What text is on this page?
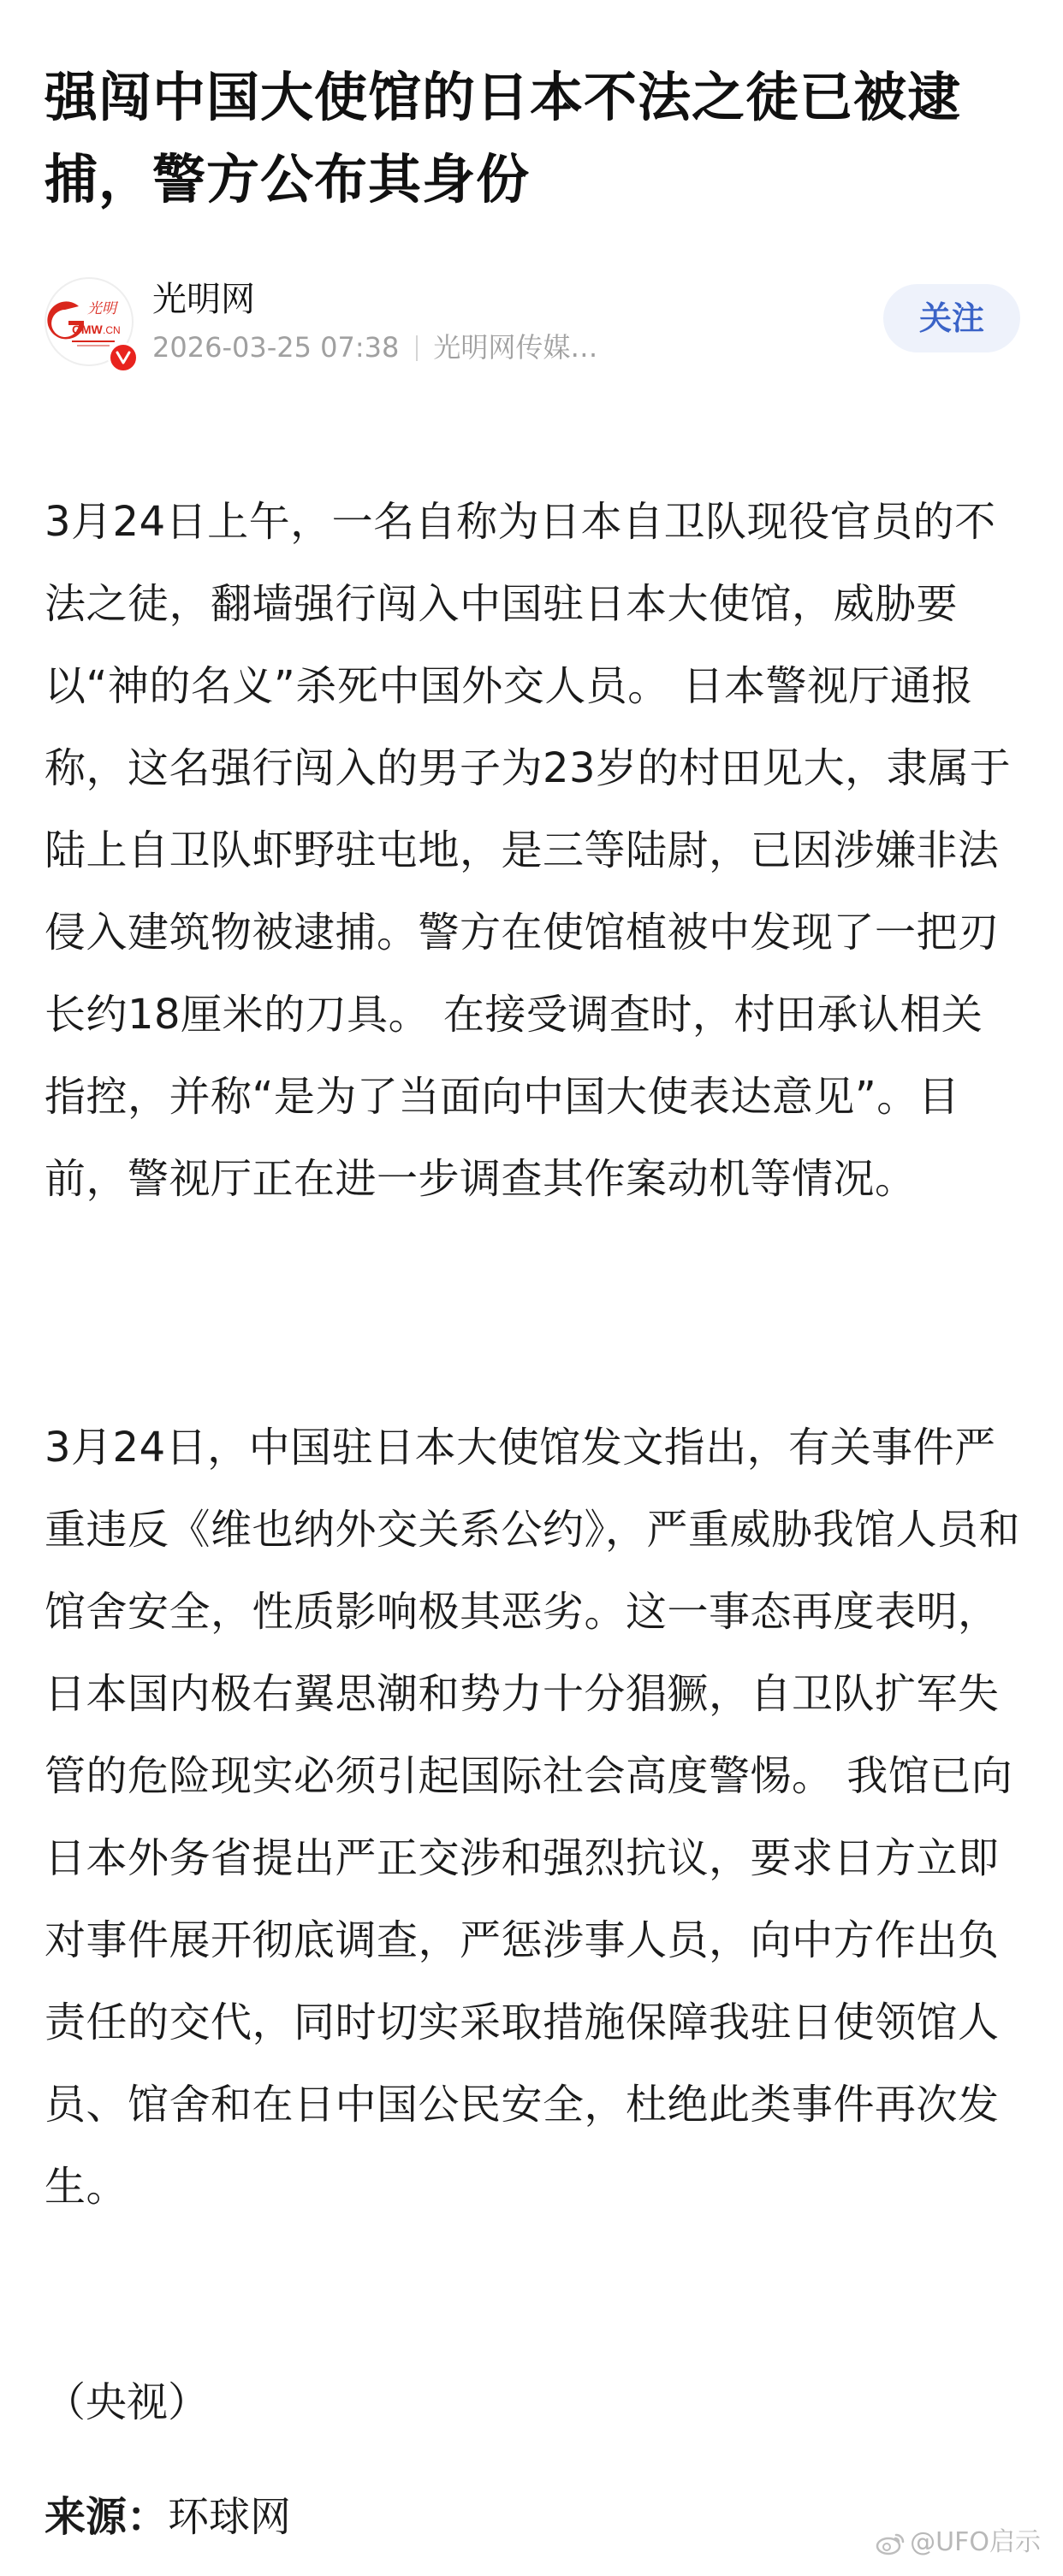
强闯中国大使馆的日本不法之徒已被逮捕，警方公布其身份
光明
GMW .CN
光明网
2026-03-25 07:38 光明网传媒…
关注

3月24日上午，一名自称为日本自卫队现役官员的不法之徒，翻墙强行闯入中国驻日本大使馆，威胁要以“神的名义”杀死中国外交人员。 日本警视厅通报称，这名强行闯入的男子为23岁的村田见大，隶属于陆上自卫队虾野驻屯地，是三等陆尉，已因涉嫌非法侵入建筑物被逮捕。警方在使馆植被中发现了一把刃长约18厘米的刀具。 在接受调查时，村田承认相关指控，并称“是为了当面向中国大使表达意见”。目前，警视厅正在进一步调查其作案动机等情况。

3月24日，中国驻日本大使馆发文指出，有关事件严重违反《维也纳外交关系公约》，严重威胁我馆人员和馆舍安全，性质影响极其恶劣。这一事态再度表明，日本国内极右翼思潮和势力十分猖獗，自卫队扩军失管的危险现实必须引起国际社会高度警惕。 我馆已向日本外务省提出严正交涉和强烈抗议，要求日方立即对事件展开彻底调查，严惩涉事人员，向中方作出负责任的交代，同时切实采取措施保障我驻日使领馆人员、馆舍和在日中国公民安全，杜绝此类事件再次发生。

（央视）
来源：环球网
@UFO启示
